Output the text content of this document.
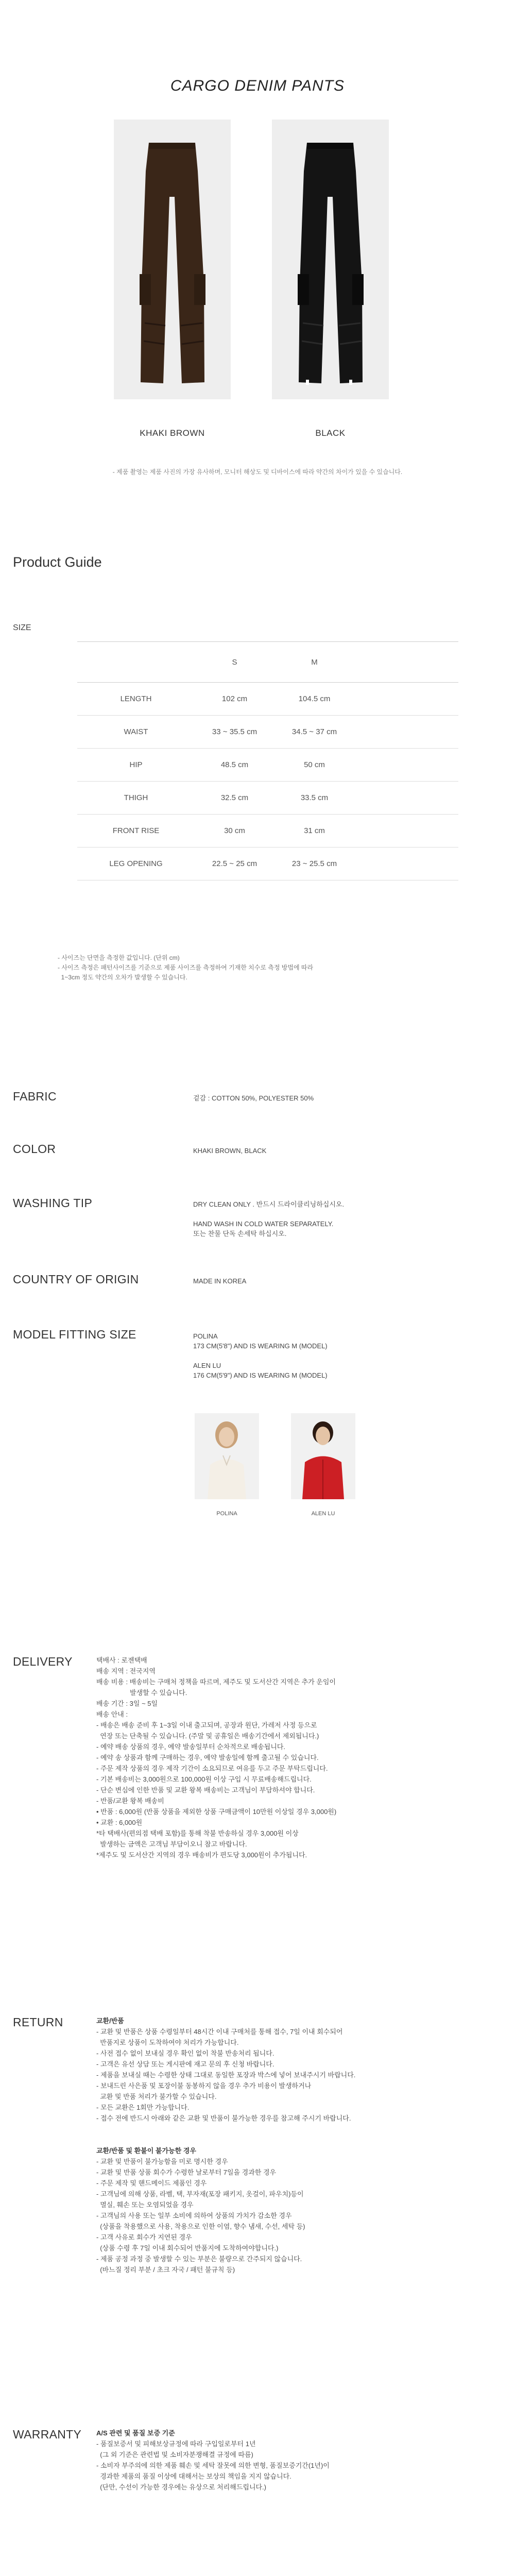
CARGO DENIM PANTS
KHAKI BROWN	BLACK
- 제품 촬영는 제품 사진의 가장 유사하며, 모니터 해상도 및 디바이스에 따라 약간의 차이가 있을 수 있습니다.
Product Guide
SIZE
S	M
LENGTH	102 cm	104.5 cm
WAIST	33 ~ 35.5 cm	34.5 ~ 37 cm
HIP	48.5 cm	50 cm
THIGH	32.5 cm	33.5 cm
FRONT RISE	30 cm	31 cm
LEG OPENING	22.5 ~ 25 cm	23 ~ 25.5 cm
- 사이즈는 단면을 측정한 값입니다. (단위 cm)
- 사이즈 측정은 패턴사이즈를 기준으로 제품 사이즈를 측정하여 기재한 치수로 측정 방법에 따라
1~3cm 정도 약간의 오차가 발생할 수 있습니다.
FABRIC	겉감 : COTTON 50%, POLYESTER 50%
COLOR	KHAKI BROWN, BLACK
WASHING TIP	DRY CLEAN ONLY . 반드시 드라이클리닝하십시오.
HAND WASH IN COLD WATER SEPARATELY.
또는 찬물 단독 손세탁 하십시오.
COUNTRY OF ORIGIN	MADE IN KOREA
MODEL FITTING SIZE	POLINA
173 CM(5'8") AND IS WEARING M (MODEL)
ALEN LU
176 CM(5'9") AND IS WEARING M (MODEL)
POLINA	ALEN LU
DELIVERY	택배사 : 로젠택배
배송 지역 : 전국지역
배송 비용 : 배송비는 구매처 정책을 따르며, 제주도 및 도서산간 지역은 추가 운임이
발생할 수 있습니다.
배송 기간 : 3일 ~ 5일
배송 안내 :
- 배송은 배송 준비 후 1~3일 이내 출고되며, 공장과 원단, 가레저 사정 등으로
연장 또는 단축될 수 있습니다. (주말 및 공휴일은 배송기간에서 제외됩니다.)
- 예약 배송 상품의 경우, 예약 발송일부터 순차적으로 배송됩니다.
- 예약 송 상품과 함께 구매하는 경우, 예약 발송일에 함께 출고될 수 있습니다.
- 주문 제작 상품의 경우 제작 기간이 소요되므로 여유를 두고 주문 부탁드립니다.
- 기본 배송비는 3,000원으로 100,000원 이상 구입 시 무료배송해드립니다.
- 단순 변심에 인한 반품 및 교환 왕복 배송비는 고객님이 부담하셔야 합니다.
- 반품/교환 왕복 배송비
• 반품 : 6,000원 (반품 상품을 제외한 상품 구매금액이 10만원 이상일 경우 3,000원)
• 교환 : 6,000원
*타 택배사(편의점 택배 포함)를 통해 착불 반송하실 경우 3,000원 이상
발생하는 금액은 고객님 부담이오니 참고 바랍니다.
*제주도 및 도서산간 지역의 경우 배송비가 편도당 3,000원이 추가됩니다.
RETURN	교환/반품
- 교환 및 반품은 상품 수령일부터 48시간 이내 구매처를 통해 접수, 7일 이내 회수되어
반품지로 상품이 도착하여야 처리가 가능합니다.
- 사전 접수 없이 보내실 경우 확인 없이 착불 반송처리 됩니다.
- 고객은 유선 상담 또는 게시판에 재고 문의 후 신청 바랍니다.
- 제품을 보내실 때는 수령한 상태 그대로 동일한 포장과 박스에 넣어 보내주시기 바랍니다.
- 보내드린 사은품 및 포장이불 동봉하지 않을 경우 추가 비용이 발생하거나
교환 및 반품 처리가 불가할 수 있습니다.
- 모든 교환은 1회만 가능합니다.
- 접수 전에 반드시 아래와 같은 교환 및 반품이 불가능한 경우를 참고해 주시기 바랍니다.
교환/반품 및 환불이 불가능한 경우
- 교환 및 반품이 불가능함을 미로 명시한 경우
- 교환 및 반품 상품 회수가 수령한 날로부터 7일을 경과한 경우
- 주문 제작 및 핸드메이드 제품인 경우
- 고객님에 의해 상품, 라벨, 택, 부자재(포장 패키지, 옷걸이, 파우치)등이
멸실, 훼손 또는 오염되었을 경우
- 고객님의 사용 또는 일부 소비에 의하여 상품의 가치가 감소한 경우
(상품을 착용했으로 사용, 착용으로 인한 이염, 향수 냄새, 수선, 세탁 등)
- 고객 사유로 회수가 지연된 경우
(상품 수령 후 7일 이내 회수되어 반품지에 도착하여야합니다.)
- 제품 공정 과정 중 발생할 수 있는 부분은 불량으로 간주되지 않습니다.
(바느질 정리 부분 / 초크 자국 / 패턴 불규칙 등)
WARRANTY A/S 관련 및 품질 보증 기준
- 품질보증서 및 피해보상규정에 따라 구입일로부터 1년
(그 외 기준은 관련법 및 소비자분쟁해결 규정에 따름)
- 소비자 부주의에 의한 제품 훼손 및 세탁 잘못에 의한 변형, 품질보증기간(1년)이
경과한 제품의 품질 이상에 대해서는 보상의 책임을 지지 않습니다.
(단만, 수선이 가능한 경우에는 유상으로 처리해드립니다.)
